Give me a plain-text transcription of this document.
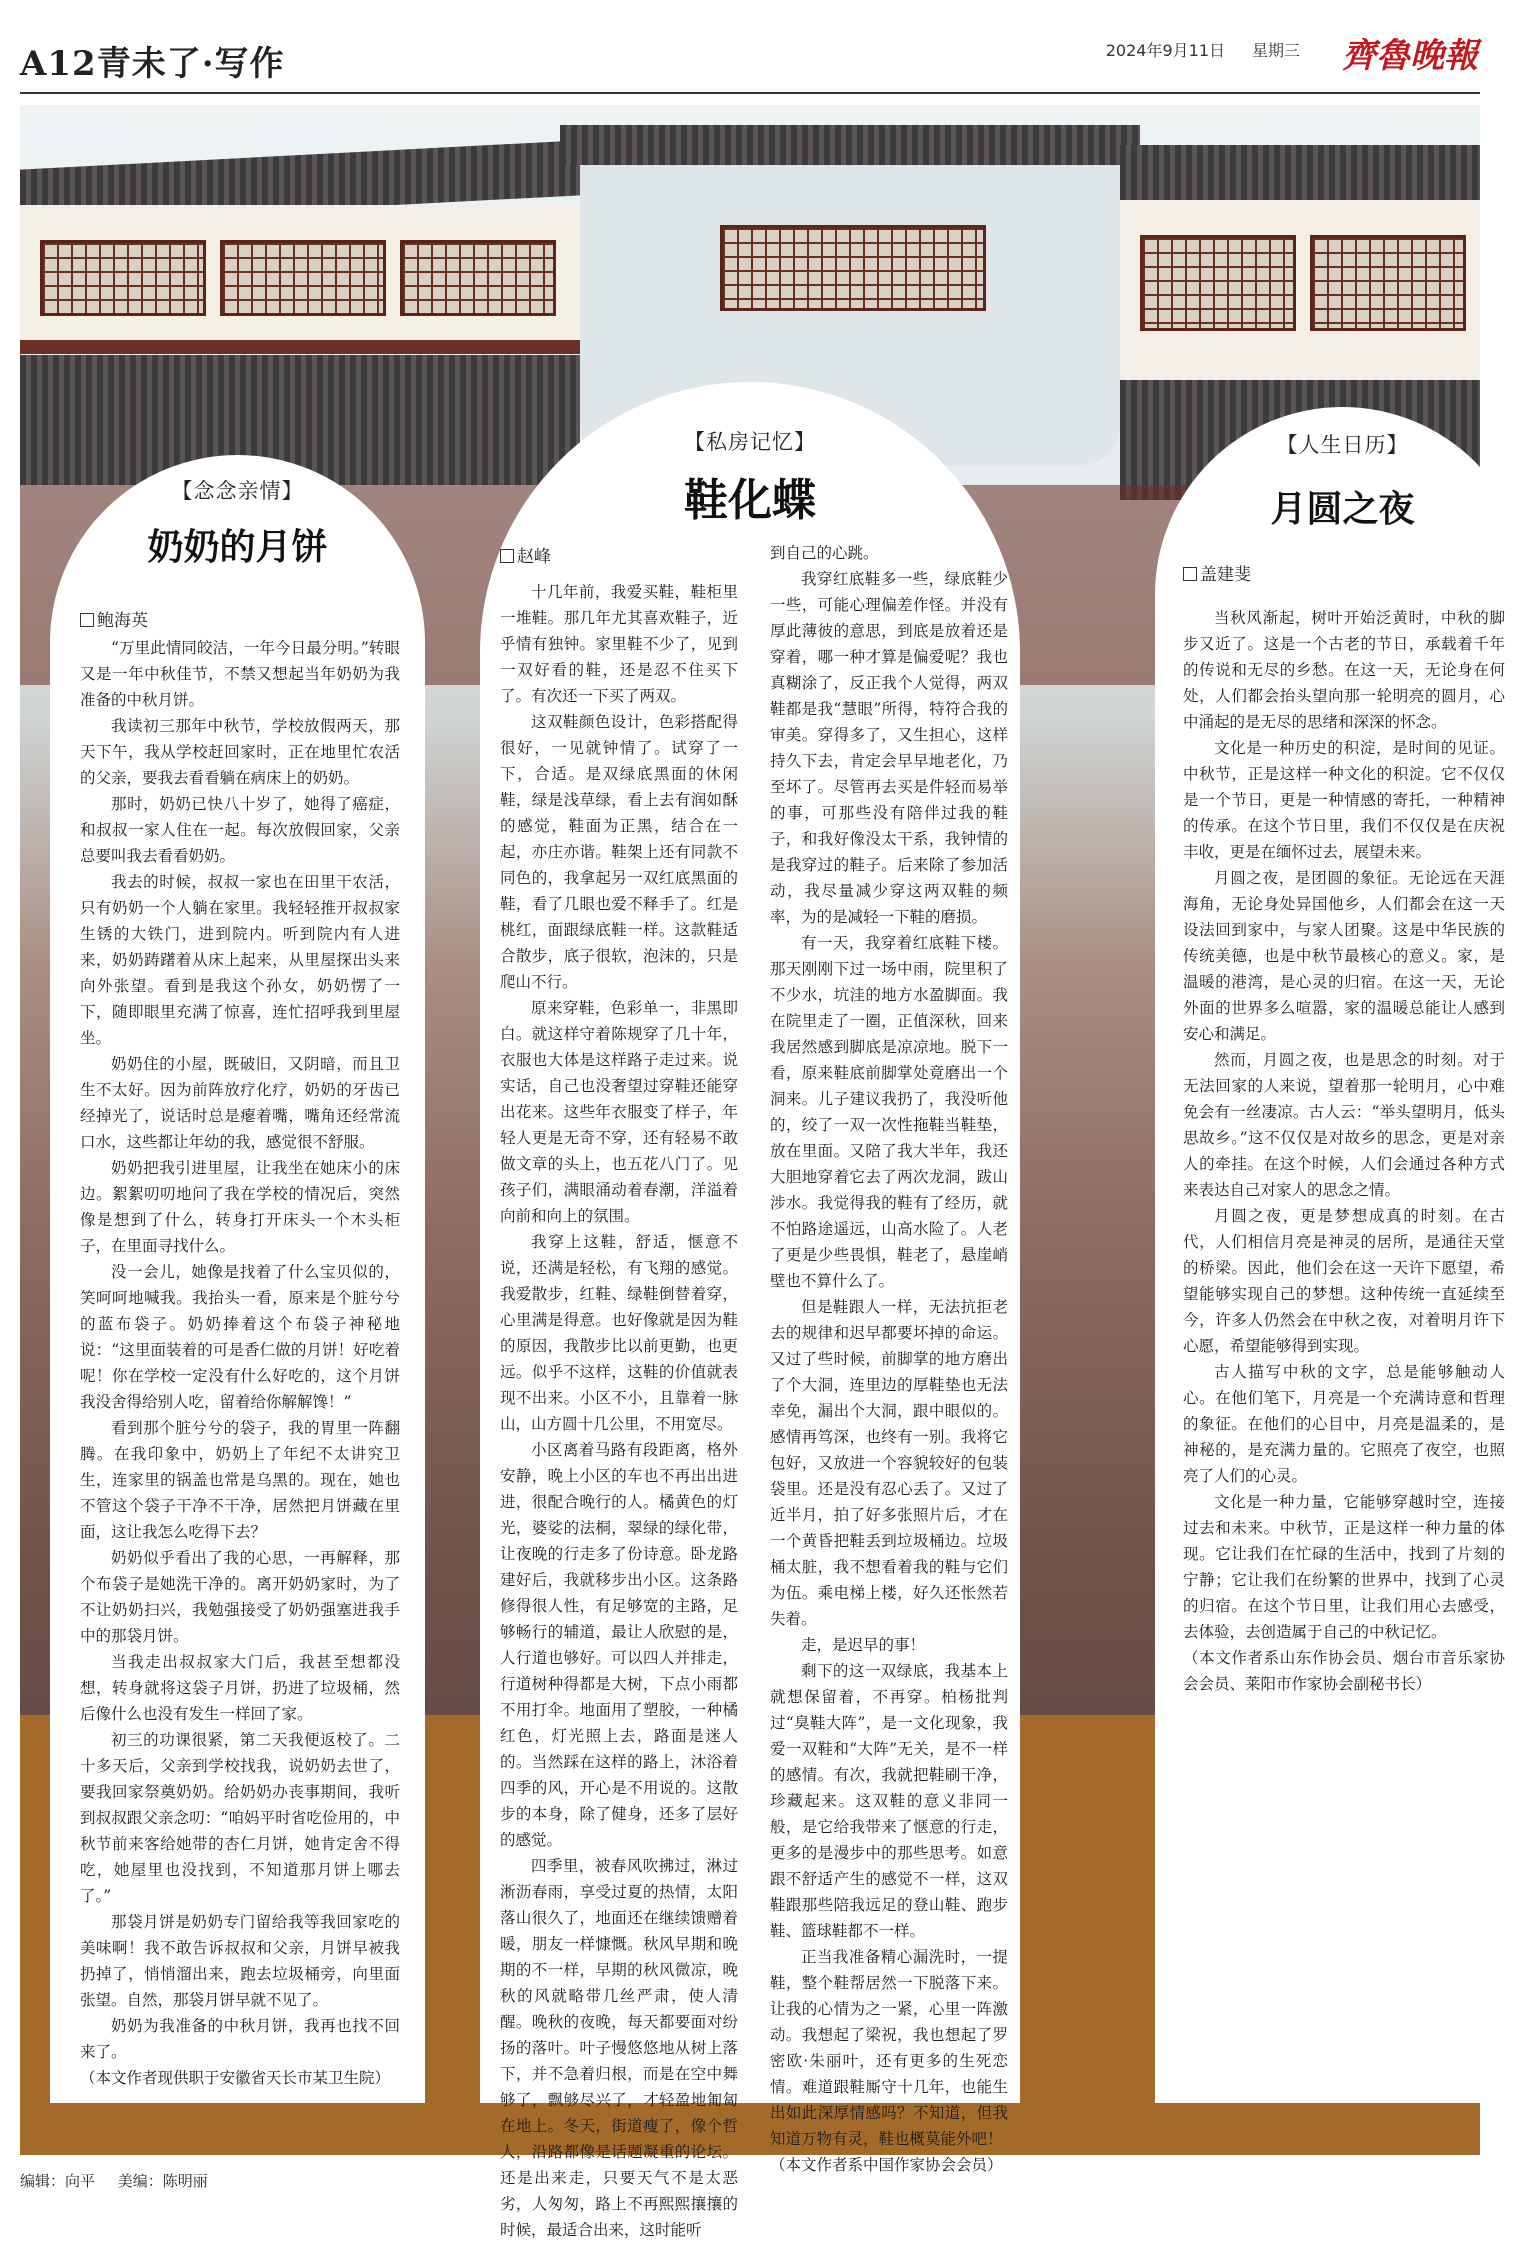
A12青未了·写作	2024年9月11日 星期三 齊魯晚報
【念念亲情】
奶奶的月饼
鲍海英

“万里此情同皎洁，一年今日最分明。”转眼又是一年中秋佳节，不禁又想起当年奶奶为我准备的中秋月饼。

我读初三那年中秋节，学校放假两天，那天下午，我从学校赶回家时，正在地里忙农活的父亲，要我去看看躺在病床上的奶奶。

那时，奶奶已快八十岁了，她得了癌症，和叔叔一家人住在一起。每次放假回家，父亲总要叫我去看看奶奶。

我去的时候，叔叔一家也在田里干农活，只有奶奶一个人躺在家里。我轻轻推开叔叔家生锈的大铁门，进到院内。听到院内有人进来，奶奶踌躇着从床上起来，从里屋探出头来向外张望。看到是我这个孙女，奶奶愣了一下，随即眼里充满了惊喜，连忙招呼我到里屋坐。

奶奶住的小屋，既破旧，又阴暗，而且卫生不太好。因为前阵放疗化疗，奶奶的牙齿已经掉光了，说话时总是瘪着嘴，嘴角还经常流口水，这些都让年幼的我，感觉很不舒服。

奶奶把我引进里屋，让我坐在她床小的床边。絮絮叨叨地问了我在学校的情况后，突然像是想到了什么，转身打开床头一个木头柜子，在里面寻找什么。

没一会儿，她像是找着了什么宝贝似的，笑呵呵地喊我。我抬头一看，原来是个脏兮兮的蓝布袋子。奶奶捧着这个布袋子神秘地说：“这里面装着的可是香仁做的月饼！好吃着呢！你在学校一定没有什么好吃的，这个月饼我没舍得给别人吃，留着给你解解馋！”

看到那个脏兮兮的袋子，我的胃里一阵翻腾。在我印象中，奶奶上了年纪不太讲究卫生，连家里的锅盖也常是乌黑的。现在，她也不管这个袋子干净不干净，居然把月饼藏在里面，这让我怎么吃得下去？

奶奶似乎看出了我的心思，一再解释，那个布袋子是她洗干净的。离开奶奶家时，为了不让奶奶扫兴，我勉强接受了奶奶强塞进我手中的那袋月饼。

当我走出叔叔家大门后，我甚至想都没想，转身就将这袋子月饼，扔进了垃圾桶，然后像什么也没有发生一样回了家。

初三的功课很紧，第二天我便返校了。二十多天后，父亲到学校找我，说奶奶去世了，要我回家祭奠奶奶。给奶奶办丧事期间，我听到叔叔跟父亲念叨：“咱妈平时省吃俭用的，中秋节前来客给她带的杏仁月饼，她肯定舍不得吃，她屋里也没找到，不知道那月饼上哪去了。”

那袋月饼是奶奶专门留给我等我回家吃的美味啊！我不敢告诉叔叔和父亲，月饼早被我扔掉了，悄悄溜出来，跑去垃圾桶旁，向里面张望。自然，那袋月饼早就不见了。

奶奶为我准备的中秋月饼，我再也找不回来了。

（本文作者现供职于安徽省天长市某卫生院）
【私房记忆】
鞋化蝶
赵峰

十几年前，我爱买鞋，鞋柜里一堆鞋。那几年尤其喜欢鞋子，近乎情有独钟。家里鞋不少了，见到一双好看的鞋，还是忍不住买下了。有次还一下买了两双。

这双鞋颜色设计，色彩搭配得很好，一见就钟情了。试穿了一下，合适。是双绿底黑面的休闲鞋，绿是浅草绿，看上去有润如酥的感觉，鞋面为正黑，结合在一起，亦庄亦谐。鞋架上还有同款不同色的，我拿起另一双红底黑面的鞋，看了几眼也爱不释手了。红是桃红，面跟绿底鞋一样。这款鞋适合散步，底子很软，泡沫的，只是爬山不行。

原来穿鞋，色彩单一，非黑即白。就这样守着陈规穿了几十年，衣服也大体是这样路子走过来。说实话，自己也没奢望过穿鞋还能穿出花来。这些年衣服变了样子，年轻人更是无奇不穿，还有轻易不敢做文章的头上，也五花八门了。见孩子们，满眼涌动着春潮，洋溢着向前和向上的氛围。

我穿上这鞋，舒适，惬意不说，还满是轻松，有飞翔的感觉。我爱散步，红鞋、绿鞋倒替着穿，心里满是得意。也好像就是因为鞋的原因，我散步比以前更勤，也更远。似乎不这样，这鞋的价值就表现不出来。小区不小，且靠着一脉山，山方圆十几公里，不用宽尽。

小区离着马路有段距离，格外安静，晚上小区的车也不再出出进进，很配合晚行的人。橘黄色的灯光，婆娑的法桐，翠绿的绿化带，让夜晚的行走多了份诗意。卧龙路建好后，我就移步出小区。这条路修得很人性，有足够宽的主路，足够畅行的辅道，最让人欣慰的是，人行道也够好。可以四人并排走，行道树种得都是大树，下点小雨都不用打伞。地面用了塑胶，一种橘红色，灯光照上去，路面是迷人的。当然踩在这样的路上，沐浴着四季的风，开心是不用说的。这散步的本身，除了健身，还多了层好的感觉。

四季里，被春风吹拂过，淋过淅沥春雨，享受过夏的热情，太阳落山很久了，地面还在继续馈赠着暖，朋友一样慷慨。秋风早期和晚期的不一样，早期的秋风微凉，晚秋的风就略带几丝严肃，使人清醒。晚秋的夜晚，每天都要面对纷扬的落叶。叶子慢悠悠地从树上落下，并不急着归根，而是在空中舞够了，飘够尽兴了，才轻盈地匍匐在地上。冬天，街道瘦了，像个哲人，沿路都像是话题凝重的论坛。还是出来走，只要天气不是太恶劣，人匆匆，路上不再熙熙攘攘的时候，最适合出来，这时能听

到自己的心跳。

我穿红底鞋多一些，绿底鞋少一些，可能心理偏差作怪。并没有厚此薄彼的意思，到底是放着还是穿着，哪一种才算是偏爱呢？我也真糊涂了，反正我个人觉得，两双鞋都是我“慧眼”所得，特符合我的审美。穿得多了，又生担心，这样持久下去，肯定会早早地老化，乃至坏了。尽管再去买是件轻而易举的事，可那些没有陪伴过我的鞋子，和我好像没太干系，我钟情的是我穿过的鞋子。后来除了参加活动，我尽量减少穿这两双鞋的频率，为的是减轻一下鞋的磨损。

有一天，我穿着红底鞋下楼。那天刚刚下过一场中雨，院里积了不少水，坑洼的地方水盈脚面。我在院里走了一圈，正值深秋，回来我居然感到脚底是凉凉地。脱下一看，原来鞋底前脚掌处竟磨出一个洞来。儿子建议我扔了，我没听他的，绞了一双一次性拖鞋当鞋垫，放在里面。又陪了我大半年，我还大胆地穿着它去了两次龙洞，跋山涉水。我觉得我的鞋有了经历，就不怕路途遥远，山高水险了。人老了更是少些畏惧，鞋老了，悬崖峭壁也不算什么了。

但是鞋跟人一样，无法抗拒老去的规律和迟早都要坏掉的命运。又过了些时候，前脚掌的地方磨出了个大洞，连里边的厚鞋垫也无法幸免，漏出个大洞，跟中眼似的。感情再笃深，也终有一别。我将它包好，又放进一个容貌较好的包装袋里。还是没有忍心丢了。又过了近半月，拍了好多张照片后，才在一个黄昏把鞋丢到垃圾桶边。垃圾桶太脏，我不想看着我的鞋与它们为伍。乘电梯上楼，好久还怅然若失着。

走，是迟早的事！

剩下的这一双绿底，我基本上就想保留着，不再穿。柏杨批判过“臭鞋大阵”，是一文化现象，我爱一双鞋和“大阵”无关，是不一样的感情。有次，我就把鞋刷干净，珍藏起来。这双鞋的意义非同一般，是它给我带来了惬意的行走，更多的是漫步中的那些思考。如意跟不舒适产生的感觉不一样，这双鞋跟那些陪我远足的登山鞋、跑步鞋、篮球鞋都不一样。

正当我准备精心漏洗时，一提鞋，整个鞋帮居然一下脱落下来。让我的心情为之一紧，心里一阵激动。我想起了梁祝，我也想起了罗密欧·朱丽叶，还有更多的生死恋情。难道跟鞋厮守十几年，也能生出如此深厚情感吗？不知道，但我知道万物有灵，鞋也概莫能外吧！

（本文作者系中国作家协会会员）
【人生日历】
月圆之夜
盖建斐

当秋风渐起，树叶开始泛黄时，中秋的脚步又近了。这是一个古老的节日，承载着千年的传说和无尽的乡愁。在这一天，无论身在何处，人们都会抬头望向那一轮明亮的圆月，心中涌起的是无尽的思绪和深深的怀念。

文化是一种历史的积淀，是时间的见证。中秋节，正是这样一种文化的积淀。它不仅仅是一个节日，更是一种情感的寄托，一种精神的传承。在这个节日里，我们不仅仅是在庆祝丰收，更是在缅怀过去，展望未来。

月圆之夜，是团圆的象征。无论远在天涯海角，无论身处异国他乡，人们都会在这一天设法回到家中，与家人团聚。这是中华民族的传统美德，也是中秋节最核心的意义。家，是温暖的港湾，是心灵的归宿。在这一天，无论外面的世界多么喧嚣，家的温暖总能让人感到安心和满足。

然而，月圆之夜，也是思念的时刻。对于无法回家的人来说，望着那一轮明月，心中难免会有一丝凄凉。古人云：“举头望明月，低头思故乡。”这不仅仅是对故乡的思念，更是对亲人的牵挂。在这个时候，人们会通过各种方式来表达自己对家人的思念之情。

月圆之夜，更是梦想成真的时刻。在古代，人们相信月亮是神灵的居所，是通往天堂的桥梁。因此，他们会在这一天许下愿望，希望能够实现自己的梦想。这种传统一直延续至今，许多人仍然会在中秋之夜，对着明月许下心愿，希望能够得到实现。

古人描写中秋的文字，总是能够触动人心。在他们笔下，月亮是一个充满诗意和哲理的象征。在他们的心目中，月亮是温柔的，是神秘的，是充满力量的。它照亮了夜空，也照亮了人们的心灵。

文化是一种力量，它能够穿越时空，连接过去和未来。中秋节，正是这样一种力量的体现。它让我们在忙碌的生活中，找到了片刻的宁静；它让我们在纷繁的世界中，找到了心灵的归宿。在这个节日里，让我们用心去感受，去体验，去创造属于自己的中秋记忆。

（本文作者系山东作协会员、烟台市音乐家协会会员、莱阳市作家协会副秘书长）
编辑：向平 美编：陈明丽
